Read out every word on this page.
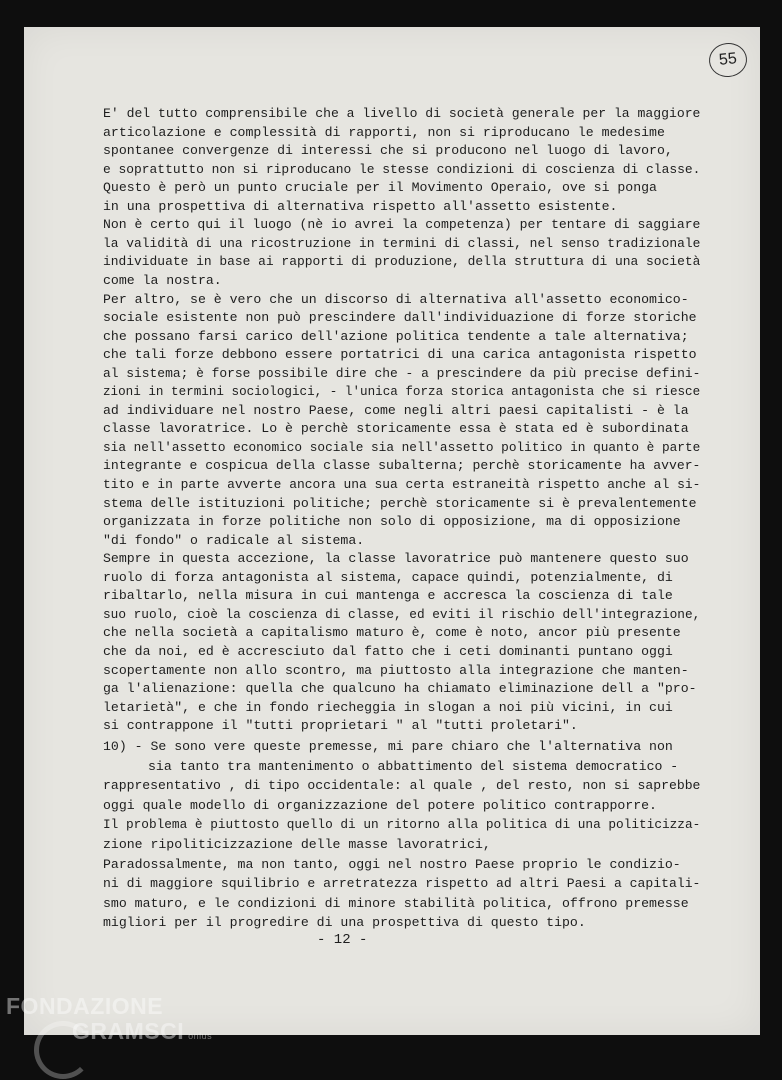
55
E' del tutto comprensibile che a livello di società generale per la maggiore
articolazione e complessità di rapporti, non si riproducano le medesime
spontanee convergenze di interessi che si producono nel luogo di lavoro,
e soprattutto non si riproducano le stesse condizioni di coscienza di classe.
Questo è però un punto cruciale per il Movimento Operaio, ove si ponga
in una prospettiva di alternativa rispetto all'assetto esistente.
Non è certo qui il luogo (nè io avrei la competenza) per tentare di saggiare
la validità di una ricostruzione in termini di classi, nel senso tradizionale
individuate in base ai rapporti di produzione, della struttura di una società
come la nostra.
Per altro, se è vero che un discorso di alternativa all'assetto economico-
sociale esistente non può prescindere dall'individuazione di forze storiche
che possano farsi carico dell'azione politica tendente a tale alternativa;
che tali forze debbono essere portatrici di una carica antagonista rispetto
al sistema; è forse possibile dire che - a prescindere da più precise defini-
zioni in termini sociologici, - l'unica forza storica antagonista che si riesce
ad individuare nel nostro Paese, come negli altri paesi capitalisti - è la
classe lavoratrice. Lo è perchè storicamente essa è stata ed è subordinata
sia nell'assetto economico sociale sia nell'assetto politico in quanto è parte
integrante e cospicua della classe subalterna; perchè storicamente ha avver-
tito e in parte avverte ancora una sua certa estraneità rispetto anche al si-
stema delle istituzioni politiche; perchè storicamente si è prevalentemente
organizzata in forze politiche non solo di opposizione, ma di opposizione
"di fondo" o radicale al sistema.
Sempre in questa accezione, la classe lavoratrice può mantenere questo suo
ruolo di forza antagonista al sistema, capace quindi, potenzialmente, di
ribaltarlo, nella misura in cui mantenga e accresca la coscienza di tale
suo ruolo, cioè la coscienza di classe, ed eviti il rischio dell'integrazione,
che nella società a capitalismo maturo è, come è noto, ancor più presente
che da noi, ed è accresciuto dal fatto che i ceti dominanti puntano oggi
scopertamente non allo scontro, ma piuttosto alla integrazione che manten-
ga l'alienazione: quella che qualcuno ha chiamato eliminazione dell a "pro-
letarietà", e che in fondo riecheggia in slogan a noi più vicini, in cui
si contrappone il "tutti proprietari " al "tutti proletari".
10) - Se sono vere queste premesse, mi pare chiaro che l'alternativa non
sia tanto tra mantenimento o abbattimento del sistema democratico -
rappresentativo , di tipo occidentale: al quale , del resto, non si saprebbe
oggi quale modello di organizzazione del potere politico contrapporre.
Il problema è piuttosto quello di un ritorno alla politica di una politicizza-
zione ripoliticizzazione delle masse lavoratrici,
Paradossalmente, ma non tanto, oggi nel nostro Paese proprio le condizio-
ni di maggiore squilibrio e arretratezza rispetto ad altri Paesi a capitali-
smo maturo, e le condizioni di minore stabilità politica, offrono premesse
migliori per il progredire di una prospettiva di questo tipo.
- 12 -
FONDAZIONE
GRAMSCI onlus
